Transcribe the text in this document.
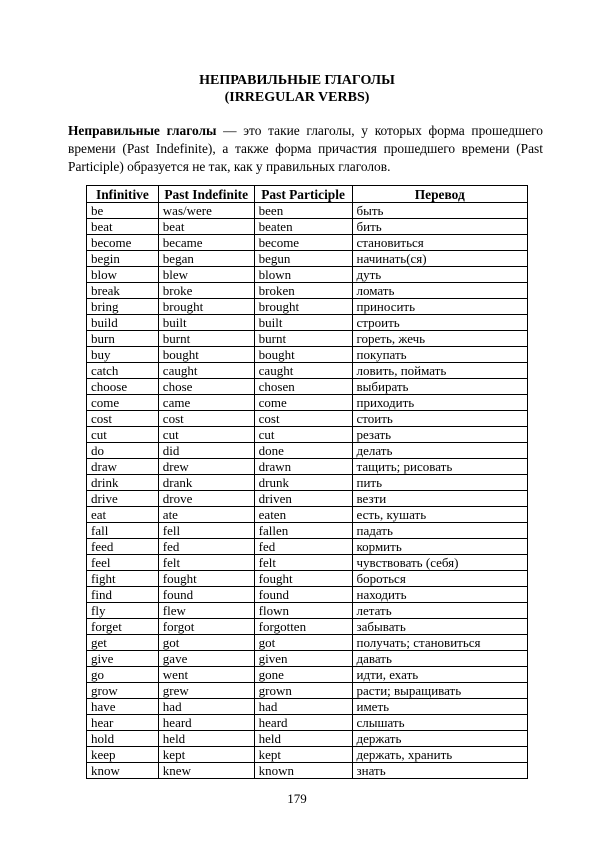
НЕПРАВИЛЬНЫЕ ГЛАГОЛЫ
(IRREGULAR VERBS)
Неправильные глаголы — это такие глаголы, у которых форма прошедшего времени (Past Indefinite), а также форма причастия прошедшего времени (Past Participle) образуется не так, как у правильных глаголов.
Infinitive	Past Indefinite	Past Participle	Перевод
be	was/were	been	быть
beat	beat	beaten	бить
become	became	become	становиться
begin	began	begun	начинать(ся)
blow	blew	blown	дуть
break	broke	broken	ломать
bring	brought	brought	приносить
build	built	built	строить
burn	burnt	burnt	гореть, жечь
buy	bought	bought	покупать
catch	caught	caught	ловить, поймать
choose	chose	chosen	выбирать
come	came	come	приходить
cost	cost	cost	стоить
cut	cut	cut	резать
do	did	done	делать
draw	drew	drawn	тащить; рисовать
drink	drank	drunk	пить
drive	drove	driven	везти
eat	ate	eaten	есть, кушать
fall	fell	fallen	падать
feed	fed	fed	кормить
feel	felt	felt	чувствовать (себя)
fight	fought	fought	бороться
find	found	found	находить
fly	flew	flown	летать
forget	forgot	forgotten	забывать
get	got	got	получать; становиться
give	gave	given	давать
go	went	gone	идти, ехать
grow	grew	grown	расти; выращивать
have	had	had	иметь
hear	heard	heard	слышать
hold	held	held	держать
keep	kept	kept	держать, хранить
know	knew	known	знать
179
